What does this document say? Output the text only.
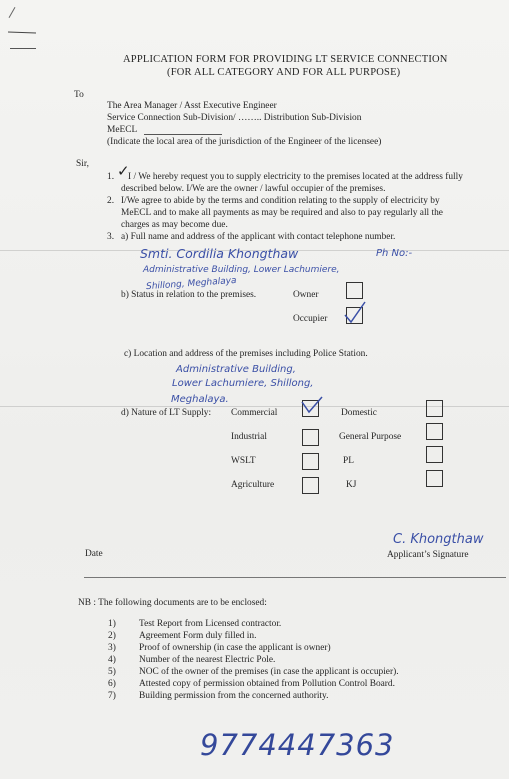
APPLICATION FORM FOR PROVIDING LT SERVICE CONNECTION
(FOR ALL CATEGORY AND FOR ALL PURPOSE)
To
The Area Manager / Asst Executive Engineer
Service Connection Sub-Division/ …….. Distribution Sub-Division
MeECL
(Indicate the local area of the jurisdiction of the Engineer of the licensee)
Sir,
1. ✓
I / We hereby request you to supply electricity to the premises located at the address fully
described below. I/We are the owner / lawful occupier of the premises.
2. I/We agree to abide by the terms and condition relating to the supply of electricity by
MeECL and to make all payments as may be required and also to pay regularly all the
charges as may become due.
3. a) Full name and address of the applicant with contact telephone number.
Smti. Cordilia Khongthaw	Ph No:-
Administrative Building, Lower Lachumiere,
Shillong, Meghalaya
b) Status in relation to the premises.	Owner
Occupier
c) Location and address of the premises including Police Station.
Administrative Building,
Lower Lachumiere, Shillong,
Meghalaya.
d) Nature of LT Supply: Commercial	Domestic
Industrial	General Purpose
WSLT	PL
Agriculture	KJ
Date
C. Khongthaw
Applicant’s Signature
NB : The following documents are to be enclosed:
1) Test Report from Licensed contractor.
2) Agreement Form duly filled in.
3) Proof of ownership (in case the applicant is owner)
4) Number of the nearest Electric Pole.
5) NOC of the owner of the premises (in case the applicant is occupier).
6) Attested copy of permission obtained from Pollution Control Board.
7) Building permission from the concerned authority.
9774447363
